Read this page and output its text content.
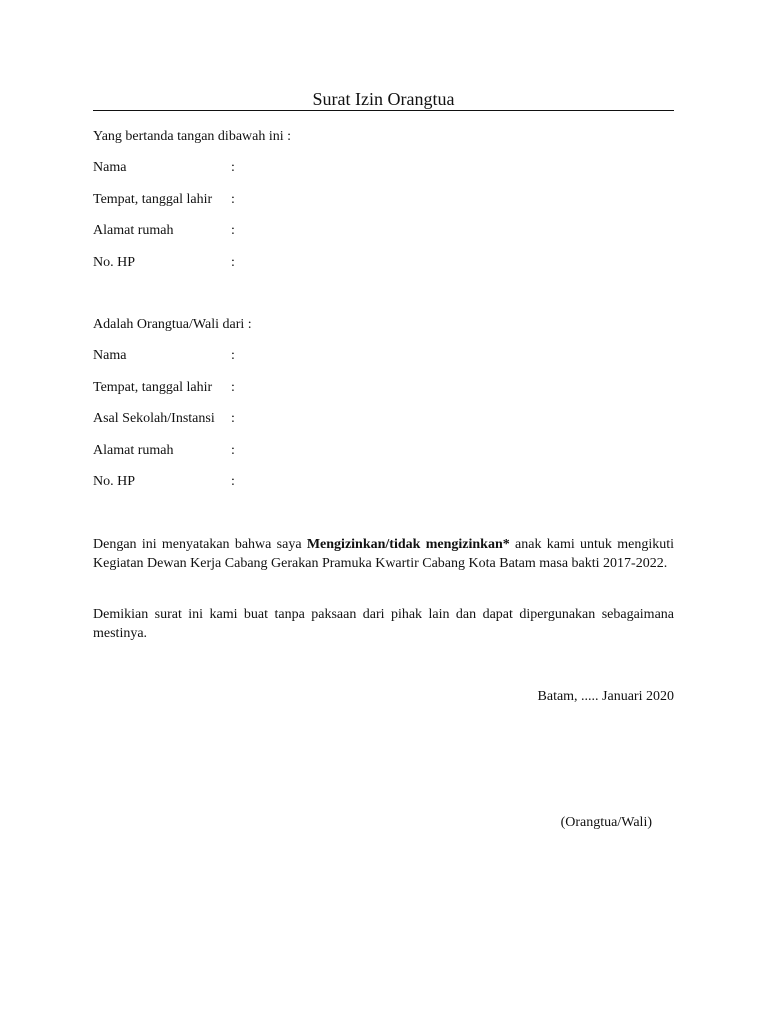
Surat Izin Orangtua
Yang bertanda tangan dibawah ini :
Nama	:
Tempat, tanggal lahir :
Alamat rumah	:
No. HP	:
Adalah Orangtua/Wali dari :
Nama	:
Tempat, tanggal lahir :
Asal Sekolah/Instansi :
Alamat rumah	:
No. HP	:
Dengan ini menyatakan bahwa saya Mengizinkan/tidak mengizinkan* anak kami untuk mengikuti Kegiatan Dewan Kerja Cabang Gerakan Pramuka Kwartir Cabang Kota Batam masa bakti 2017-2022.
Demikian surat ini kami buat tanpa paksaan dari pihak lain dan dapat dipergunakan sebagaimana mestinya.
Batam, ..... Januari 2020
(Orangtua/Wali)
